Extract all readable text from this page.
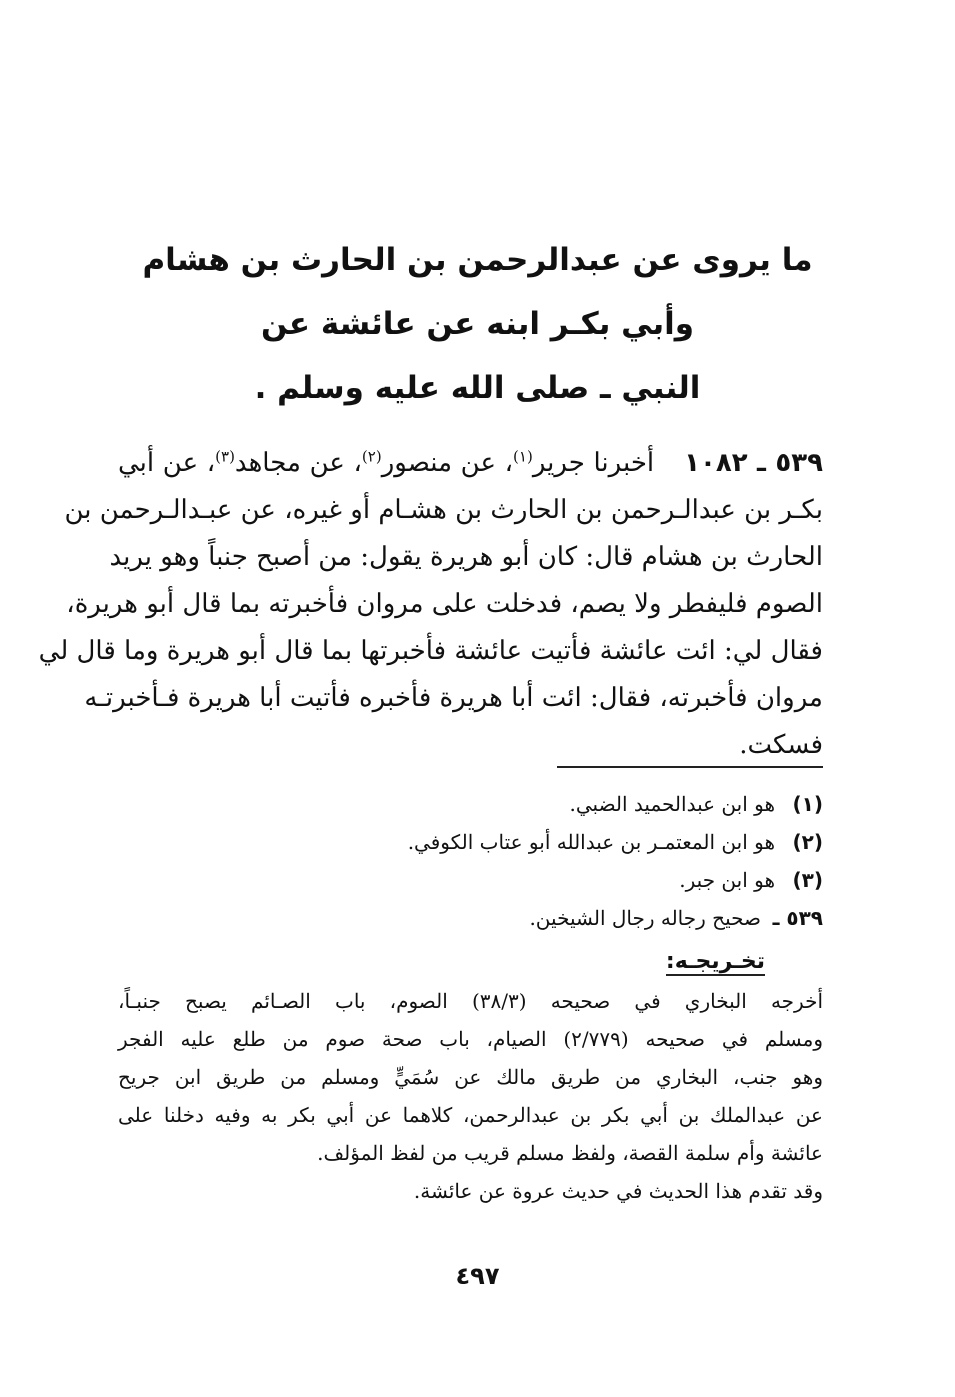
ما يروى عن عبدالرحمن بن الحارث بن هشام
وأبي بكـر ابنه عن عائشة عن
النبي ـ صلى الله عليه وسلم .
٥٣٩ ـ ١٠٨٢أخبرنا جرير$^{(١)}$، عن منصور$^{(٢)}$، عن مجاهد$^{(٣)}$، عن أبي
بكـر بن عبدالـرحمن بن الحارث بن هشـام أو غيره، عن عبـدالـرحمن بن
الحارث بن هشام قال: كان أبو هريرة يقول: من أصبح جنباً وهو يريد
الصوم فليفطر ولا يصم، فدخلت على مروان فأخبرته بما قال أبو هريرة،
فقال لي: ائت عائشة فأتيت عائشة فأخبرتها بما قال أبو هريرة وما قال لي
مروان فأخبرته، فقال: ائت أبا هريرة فأخبره فأتيت أبا هريرة فـأخبرتـه
فسكت.
(١)هو ابن عبدالحميد الضبي.
(٢)هو ابن المعتمـر بن عبدالله أبو عتاب الكوفي.
(٣)هو ابن جبر.
٥٣٩ ـصحيح رجاله رجال الشيخين.
تخـريجـه:
أخرجه البخاري في صحيحه (٣٨/٣) الصوم، باب الصـائم يصبح جنبـاً،
ومسلم في صحيحه (٢/٧٧٩) الصيام، باب صحة صوم من طلع عليه الفجر
وهو جنب، البخاري من طريق مالك عن سُمَيٍّ ومسلم من طريق ابن جريح
عن عبدالملك بن أبي بكر بن عبدالرحمن، كلاهما عن أبي بكر به وفيه دخلنا على
عائشة وأم سلمة القصة، ولفظ مسلم قريب من لفظ المؤلف.
وقد تقدم هذا الحديث في حديث عروة عن عائشة.
٤٩٧
